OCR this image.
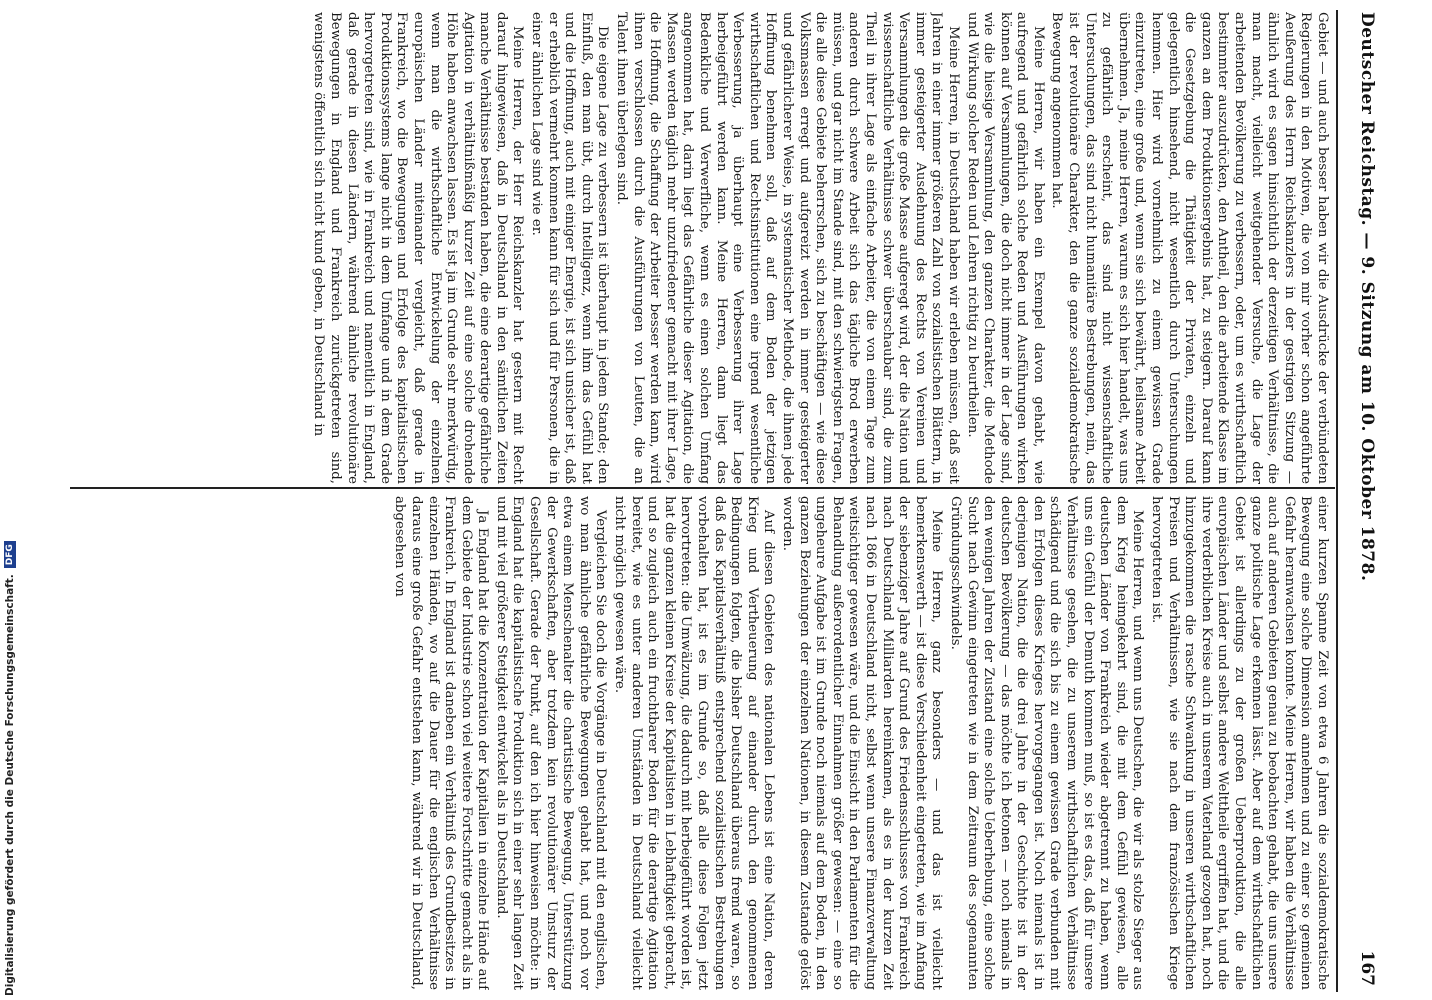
Deutscher Reichstag. — 9. Sitzung am 10. Oktober 1878.
167

Gebiet — und auch besser haben wir die Ausdrücke der verbündeten Regierungen in den Motiven, die von mir vorher schon angeführte Aeußerung des Herrn Reichskanzlers in der gestrigen Sitzung — ähnlich wird es sagen hinsichtlich der derzeitigen Verhältnisse, die man macht, vielleicht weitgehender Versuche, die Lage der arbeitenden Bevölkerung zu verbessern, oder, um es wirthschaftlich bestimmter auszudrücken, den Antheil, den die arbeitende Klasse im ganzen an dem Produktionsergebnis hat, zu steigern. Darauf kann die Gesetzgebung die Thätigkeit der Privaten, einzeln und gelegentlich hinsehend, nicht wesentlich durch Untersuchungen hemmen. Hier wird vornehmlich zu einem gewissen Grade einzutreten, eine große und, wenn sie sich bewährt, heilsame Arbeit übernehmen. Ja, meine Herren, warum es sich hier handelt, was uns zu gefährlich erscheint, das sind nicht wissenschaftliche Untersuchungen, das sind nicht humanitäre Bestrebungen, nein, das ist der revolutionäre Charakter, den die ganze sozialdemokratische Bewegung angenommen hat.

Meine Herren, wir haben ein Exempel davon gehabt, wie aufregend und gefährlich solche Reden und Ausführungen wirken können auf Versammlungen, die doch nicht immer in der Lage sind, wie die hiesige Versammlung, den ganzen Charakter, die Methode und Wirkung solcher Reden und Lehren richtig zu beurtheilen.

Meine Herren, in Deutschland haben wir erleben müssen, daß seit Jahren in einer immer größeren Zahl von sozialistischen Blättern, in immer gesteigerter Ausdehnung des Rechts von Vereinen und Versammlungen die große Masse aufgeregt wird, der die Nation und wissenschaftliche Verhältnisse schwer überschaubar sind, die zum Theil in ihrer Lage als einfache Arbeiter, die von einem Tage zum anderen durch schwere Arbeit sich das tägliche Brod erwerben müssen, und gar nicht im Stande sind, mit den schwierigsten Fragen, die alle diese Gebiete beherrschen, sich zu beschäftigen — wie diese Volksmassen erregt und aufgereizt werden in immer gesteigerter und gefährlicherer Weise, in systematischer Methode, die ihnen jede Hoffnung benehmen soll, daß auf dem Boden der jetzigen wirthschaftlichen und Rechtsinstitutionen eine irgend wesentliche Verbesserung, ja überhaupt eine Verbesserung ihrer Lage herbeigeführt werden kann. Meine Herren, dann liegt das Bedenkliche und Verwerfliche, wenn es einen solchen Umfang angenommen hat, darin liegt das Gefährliche dieser Agitation, die Massen werden täglich mehr unzufriedener gemacht mit ihrer Lage, die Hoffnung, die Schaffung der Arbeiter besser werden kann, wird ihnen verschlossen durch die Ausführungen von Leuten, die an Talent ihnen überlegen sind.

Die eigene Lage zu verbessern ist überhaupt in jedem Stande; den Einfluß, den man übt, durch Intelligenz, wenn ihm das Gefühl hat und die Hoffnung, auch mit einiger Energie, ist sich unsicher ist, daß er erheblich vermehrt kommen kann für sich und für Personen, die in einer ähnlichen Lage sind wie er.

Meine Herren, der Herr Reichskanzler hat gestern mit Recht darauf hingewiesen, daß in Deutschland in den sämtlichen Zeiten manche Verhältnisse bestanden haben, die eine derartige gefährliche Agitation in verhältnißmäßig kurzer Zeit auf eine solche drohende Höhe haben anwachsen lassen. Es ist ja im Grunde sehr merkwürdig, wenn man die wirthschaftliche Entwickelung der einzelnen europäischen Länder miteinander vergleicht, daß gerade in Frankreich, wo die Bewegungen und Erfolge des kapitalistischen Produktionssystems lange nicht in dem Umfange und in dem Grade hervorgetreten sind, wie in Frankreich und namentlich in England, daß gerade in diesen Ländern, während ähnliche revolutionäre Bewegungen in England und Frankreich zurückgetreten sind, wenigstens öffentlich sich nicht kund geben, in Deutschland in

einer kurzen Spanne Zeit von etwa 6 Jahren die sozialdemokratische Bewegung eine solche Dimension annehmen und zu einer so gemeinen Gefahr heranwachsen konnte. Meine Herren, wir haben die Verhältnisse auch auf anderen Gebieten genau zu beobachten gehabt, die uns unsere ganze politische Lage erkennen lässt. Aber auf dem wirthschaftlichen Gebiet ist allerdings zu der großen Ueberproduktion, die alle europäischen Länder und selbst andere Welttheile ergriffen hat, und die ihre verderblichen Kreise auch in unserem Vaterland gezogen hat, noch hinzugekommen die rasche Schwankung in unseren wirthschaftlichen Preisen und Verhältnissen, wie sie nach dem französischen Kriege hervorgetreten ist.

Meine Herren, und wenn uns Deutschen, die wir als stolze Sieger aus dem Krieg heimgekehrt sind, die mit dem Gefühl gewiesen, alle deutschen Länder von Frankreich wieder abgetrennt zu haben, wenn uns ein Gefühl der Demuth kommen muß, so ist es das, daß für unsere Verhältnisse gesehen, die zu unserem wirthschaftlichen Verhältnisse schädigend und die sich bis zu einem gewissen Grade verbunden mit den Erfolgen dieses Krieges hervorgegangen ist. Noch niemals ist in derjenigen Nation, die die drei Jahre in der Geschichte ist in der deutschen Bevölkerung — das möchte ich betonen — noch niemals in den wenigen Jahren der Zustand eine solche Ueberhebung, eine solche Sucht nach Gewinn eingetreten wie in dem Zeitraum des sogenannten Gründungsschwindels.

Meine Herren, ganz besonders — und das ist vielleicht bemerkenswerth — ist diese Verschiedenheit eingetreten, wie im Anfang der siebenziger Jahre auf Grund des Friedensschlusses von Frankreich nach Deutschland Milliarden hereinkamen, als es in der kurzen Zeit nach 1866 in Deutschland nicht, selbst wenn unsere Finanzverwaltung weitsichtiger gewesen wäre, und die Einsicht in den Parlamenten für die Behandlung außerordentlicher Einnahmen größer gewesen: — eine so ungeheure Aufgabe ist im Grunde noch niemals auf dem Boden, in den ganzen Beziehungen der einzelnen Nationen, in diesem Zustande gelöst worden.

Auf diesen Gebieten des nationalen Lebens ist eine Nation, deren Krieg und Vertheuerung auf einander durch den genommenen Bedingungen folgten, die bisher Deutschland überaus fremd waren, so daß das Kapitalsverhältniß entsprechend sozialistischen Bestrebungen vorbehalten hat, ist es im Grunde so, daß alle diese Folgen jetzt hervortreten: die Umwälzung, die dadurch mit herbeigeführt worden ist, hat die ganzen kleinen Kreise der Kapitalisten in Lebhaftigkeit gebracht, und so zugleich auch ein fruchtbarer Boden für die derartige Agitation bereitet, wie es unter anderen Umständen in Deutschland vielleicht nicht möglich gewesen wäre.

Vergleichen Sie doch die Vorgänge in Deutschland mit den englischen, wo man ähnliche gefährliche Bewegungen gehabt hat, und noch vor etwa einem Menschenalter die chartistische Bewegung, Unterstützung der Gewerkschaften, aber trotzdem kein revolutionärer Umsturz der Gesellschaft. Gerade der Punkt, auf den ich hier hinweisen möchte: in England hat die kapitalistische Produktion sich in einer sehr langen Zeit und mit viel größerer Stetigkeit entwickelt als in Deutschland.

Ja England hat die Konzentration der Kapitalien in einzelne Hände auf dem Gebiete der Industrie schon viel weitere Fortschritte gemacht als in Frankreich. In England ist daneben ein Verhältniß des Grundbesitzes in einzelnen Händen, wo auf die Dauer für die englischen Verhältnisse daraus eine große Gefahr entstehen kann, während wir in Deutschland, abgesehen von

Digitalisierung gefördert durch die Deutsche Forschungsgemeinschaft.
DFG
